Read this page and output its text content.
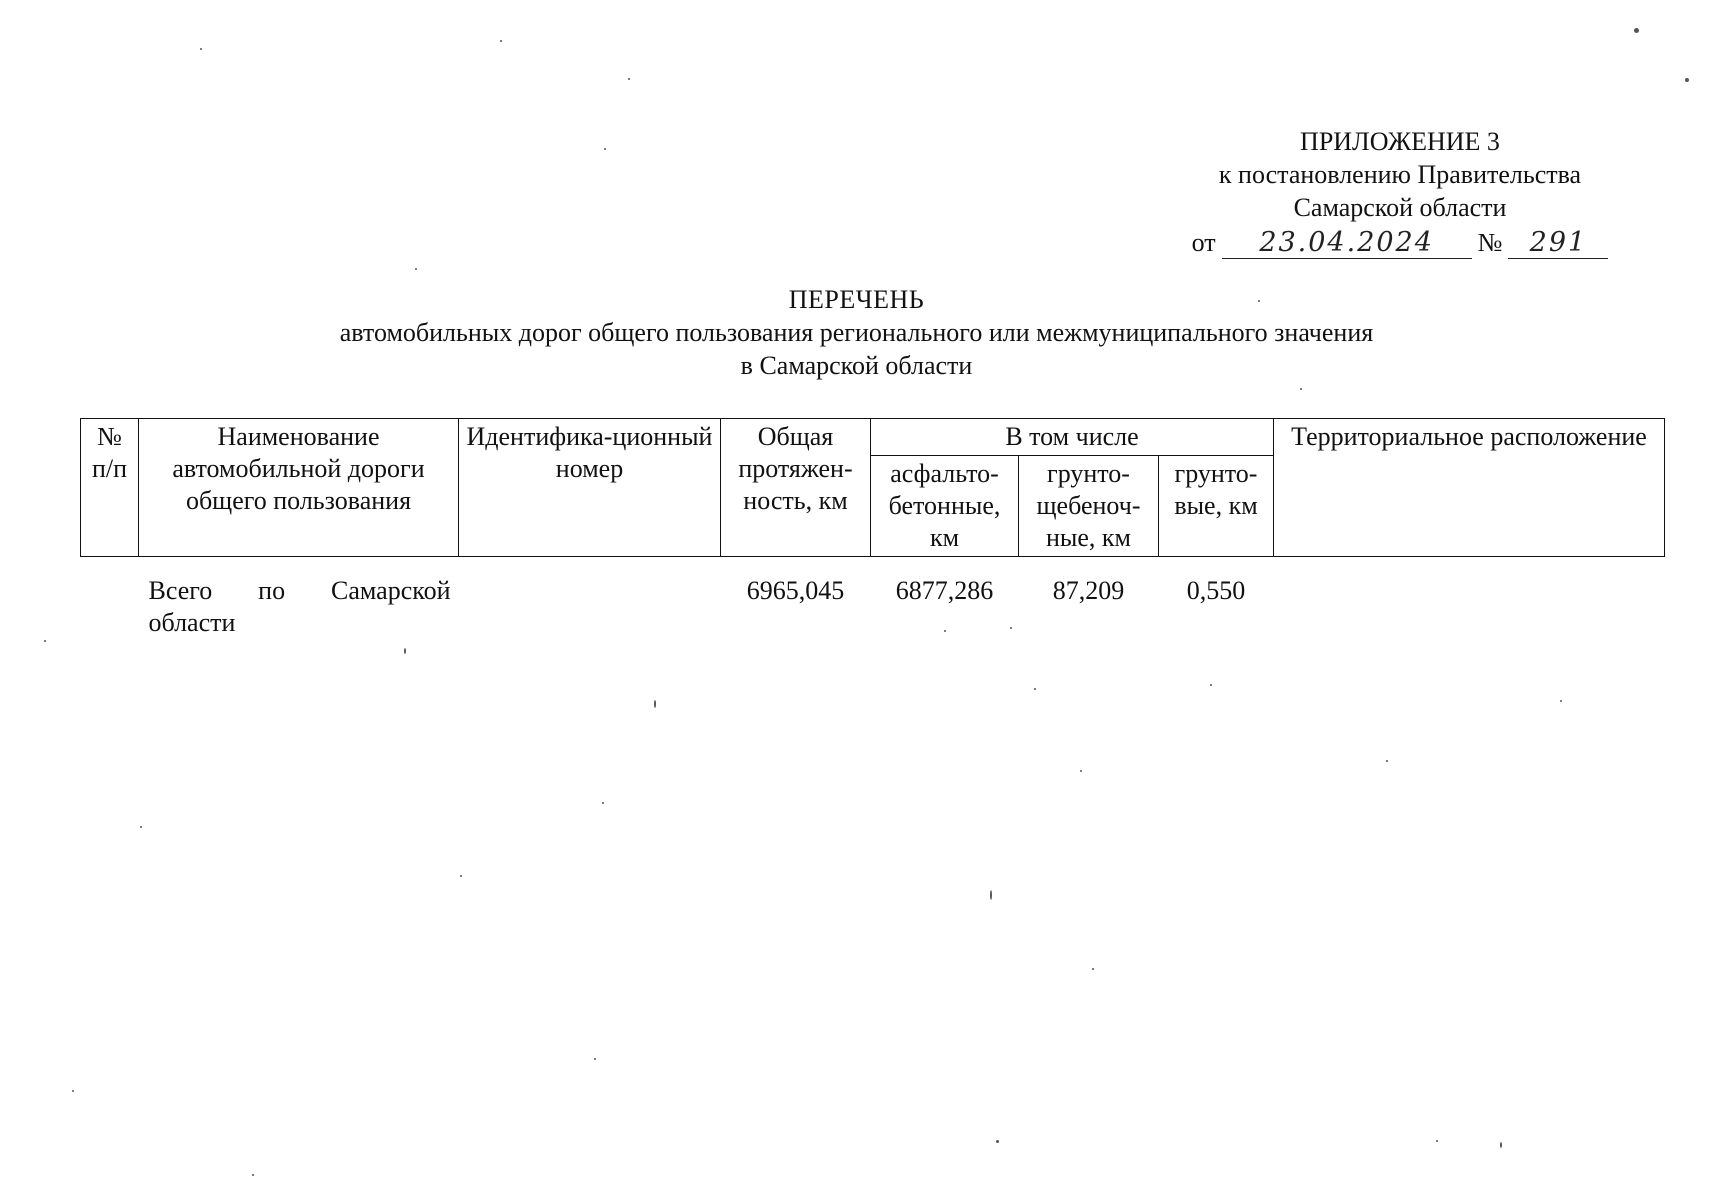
ПРИЛОЖЕНИЕ 3
к постановлению Правительства
Самарской области
от	23.04.2024	№	291
ПЕРЕЧЕНЬ
автомобильных дорог общего пользования регионального или межмуниципального значения
в Самарской области
№ п/п	Наименование автомобильной дороги общего пользования	Идентифика-ционный номер	Общая протяжен-ность, км	В том числе			Территориальное расположение
				асфальто-бетонные, км	грунто-щебеноч-ные, км	грунто-вые, км	

	Всего по Самарской области		6965,045	6877,286	87,209	0,550	
